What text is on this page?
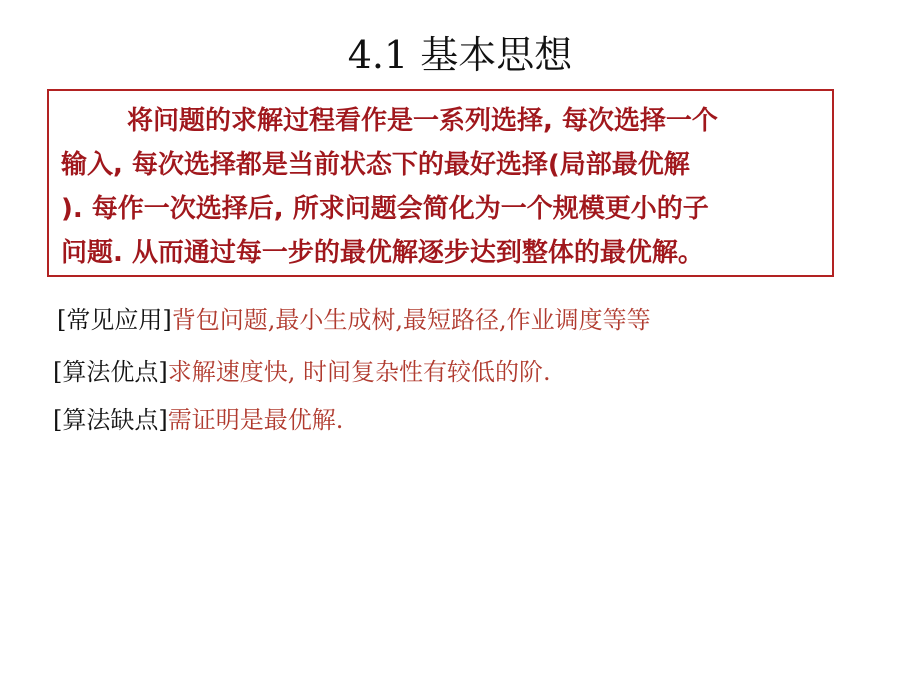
4.1 基本思想
将问题的求解过程看作是一系列选择, 每次选择一个
输入, 每次选择都是当前状态下的最好选择(局部最优解
). 每作一次选择后, 所求问题会简化为一个规模更小的子
问题. 从而通过每一步的最优解逐步达到整体的最优解。
[常见应用]背包问题,最小生成树,最短路径,作业调度等等
[算法优点]求解速度快, 时间复杂性有较低的阶.
[算法缺点]需证明是最优解.
